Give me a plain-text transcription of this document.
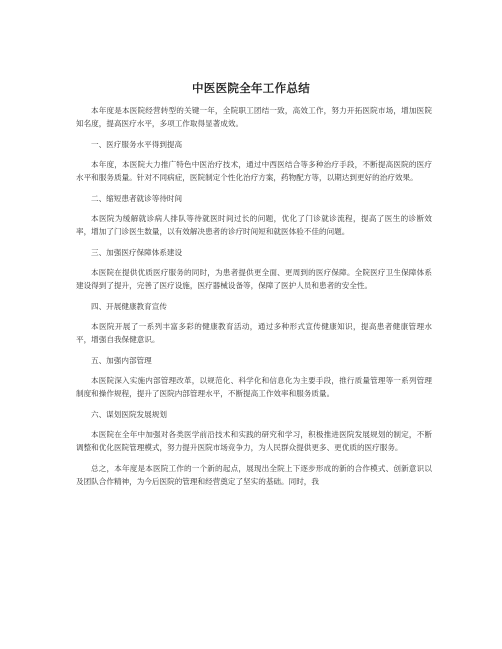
中医医院全年工作总结

本年度是本医院经营转型的关键一年，全院职工团结一致，高效工作，努力开拓医院市场，增加医院知名度，提高医疗水平，多项工作取得显著成效。

一、医疗服务水平得到提高

本年度，本医院大力推广特色中医治疗技术，通过中西医结合等多种治疗手段，不断提高医院的医疗水平和服务质量。针对不同病症，医院制定个性化治疗方案，药物配方等，以期达到更好的治疗效果。

二、缩短患者就诊等待时间

本医院为缓解就诊病人排队等待就医时间过长的问题，优化了门诊就诊流程，提高了医生的诊断效率，增加了门诊医生数量，以有效解决患者的诊疗时间短和就医体验不佳的问题。

三、加强医疗保障体系建设

本医院在提供优质医疗服务的同时，为患者提供更全面、更周到的医疗保障。全院医疗卫生保障体系建设得到了提升，完善了医疗设施，医疗器械设备等，保障了医护人员和患者的安全性。

四、开展健康教育宣传

本医院开展了一系列丰富多彩的健康教育活动，通过多种形式宣传健康知识，提高患者健康管理水平，增强自我保健意识。

五、加强内部管理

本医院深入实施内部管理改革，以规范化、科学化和信息化为主要手段，推行质量管理等一系列管理制度和操作规程，提升了医院内部管理水平，不断提高工作效率和服务质量。

六、谋划医院发展规划

本医院在全年中加强对各类医学前沿技术和实践的研究和学习，积极推进医院发展规划的制定，不断调整和优化医院管理模式，努力提升医院市场竞争力，为人民群众提供更多、更优质的医疗服务。

总之，本年度是本医院工作的一个新的起点，展现出全院上下逐步形成的新的合作模式、创新意识以及团队合作精神，为今后医院的管理和经营奠定了坚实的基础。同时，我
